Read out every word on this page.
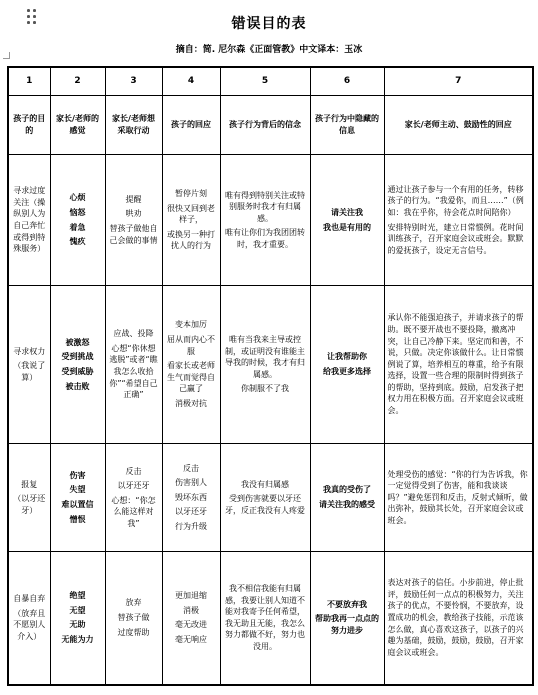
错误目的表
摘自：简. 尼尔森《正面管教》中文译本：玉冰
1	2	3	4	5	6	7
孩子的目的	家长/老师的感觉	家长/老师想采取行动	孩子的回应	孩子行为背后的信念	孩子行为中隐藏的信息	家长/老师主动、鼓励性的回应

寻求过度关注（操纵别人为自己奔忙或得到特殊服务）	心烦
恼怒
着急
愧疚	提醒
哄劝
替孩子做他自己会做的事情	暂停片刻
很快又回到老样子，
或换另一种打扰人的行为	唯有得到特别关注或特别服务时我才有归属感。
唯有让你们为我团团转时，我才重要。	请关注我
我也是有用的	通过让孩子参与一个有用的任务，转移孩子的行为。“我爱你，而且……”（例如：我在乎你，待会花点时间陪你）
安排特别时光，建立日常惯例。花时间训练孩子，召开家庭会议或班会。默默的爱抚孩子，设定无言信号。

寻求权力
（我说了算）	被激怒
受到挑战
受到威胁
被击败	应战、投降
心想“你休想逃脱”或者“瞧我怎么收拾你”“希望自己正确”	变本加厉
屈从而内心不服
看家长或老师生气而觉得自己赢了
消极对抗	唯有当我来主导或控制，或证明没有谁能主导我的时候，我才有归属感。
你制服不了我	让我帮助你
给我更多选择	承认你不能强迫孩子，并请求孩子的帮助。既不要开战也不要投降，撤离冲突，让自己冷静下来。坚定而和善，不说，只做。决定你该做什么。让日常惯例说了算，培养相互的尊重，给予有限选择，设置一些合理的限制时得到孩子的帮助，坚持到底。鼓励，启发孩子把权力用在积极方面。召开家庭会议或班会。

报复
（以牙还牙）	伤害
失望
难以置信
憎恨	反击
以牙还牙
心想：“你怎么能这样对我”	反击
伤害别人
毁坏东西
以牙还牙
行为升级	我没有归属感
受到伤害就要以牙还牙，反正我没有人疼爱	我真的受伤了
请关注我的感受	处理受伤的感觉：“你的行为告诉我，你一定觉得受到了伤害，能和我谈谈吗？”避免惩罚和反击，反射式倾听，做出弥补，鼓励其长处，召开家庭会议或班会。

自暴自弃
（放弃且不愿别人介入）	绝望
无望
无助
无能为力	放弃
替孩子做
过度帮助	更加退缩
消极
毫无改进
毫无响应	我不相信我能有归属感，我要让别人知道不能对我寄予任何希望，我无助且无能，我怎么努力都做不好，努力也没用。	不要放弃我
帮助我再一点点的努力进步	表达对孩子的信任。小步前进，停止批评，鼓励任何一点点的积极努力，关注孩子的优点，不要怜悯，不要放弃，设置成功的机会，教给孩子技能，示范该怎么做，真心喜欢这孩子，以孩子的兴趣为基础，鼓励，鼓励，鼓励，召开家庭会议或班会。
